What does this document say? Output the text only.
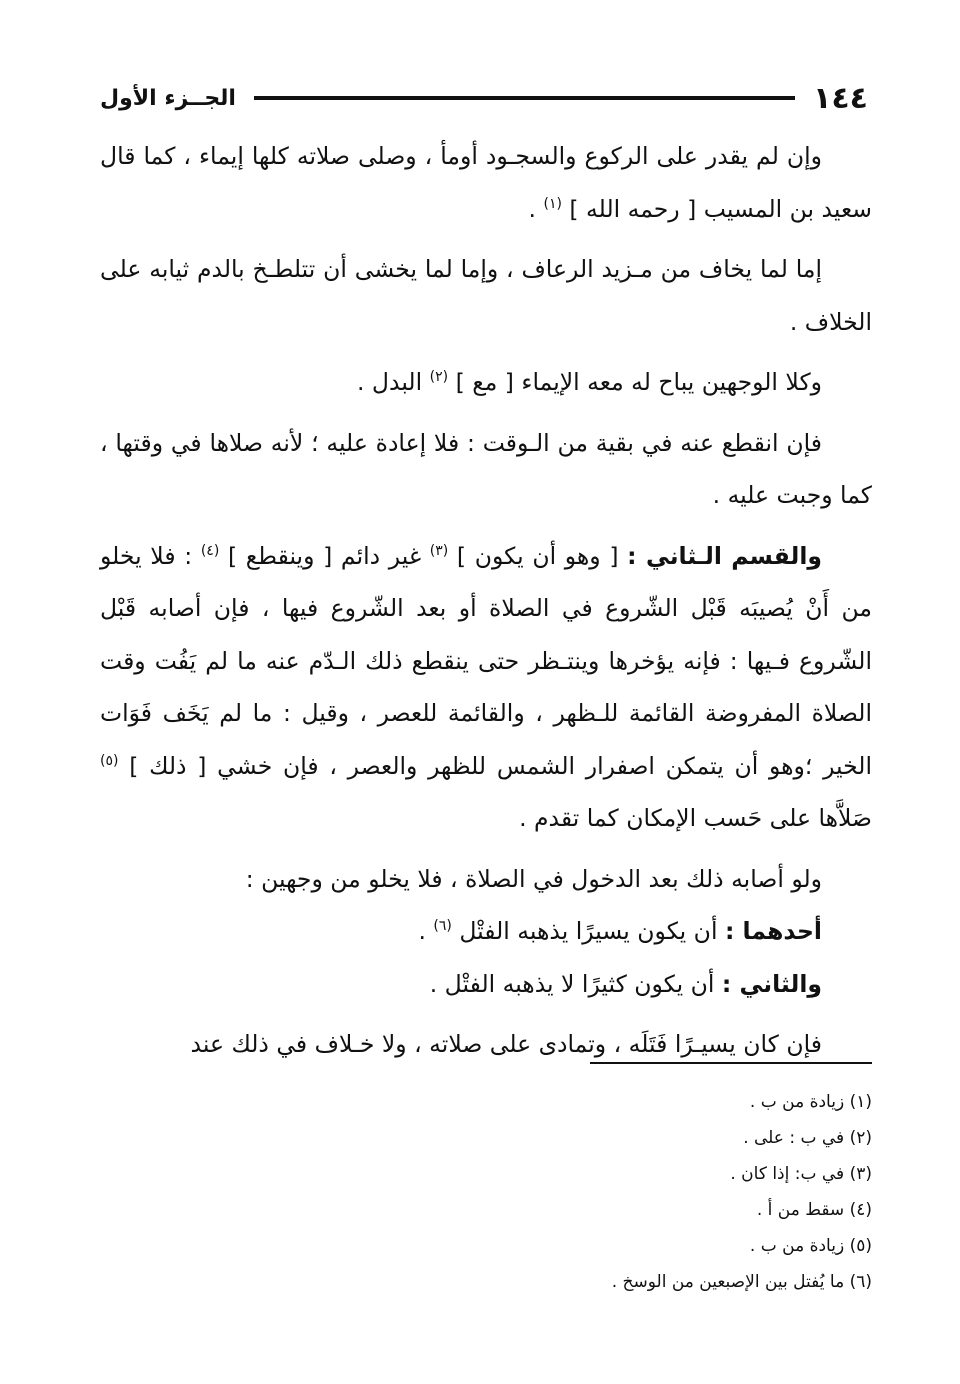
١٤٤
الجــزء الأول

وإن لم يقدر على الركوع والسجـود أومأ ، وصلى صلاته كلها إيماء ، كما قال سعيد بن المسيب [ رحمه الله ] $^{(١)}$ .

إما لما يخاف من مـزيد الرعاف ، وإما لما يخشى أن تتلطـخ بالدم ثيابه على الخلاف .

وكلا الوجهين يباح له معه الإيماء [ مع ] $^{(٢)}$ البدل .

فإن انقطع عنه في بقية من الـوقت : فلا إعادة عليه ؛ لأنه صلاها في وقتها ، كما وجبت عليه .

والقسم الـثاني : [ وهو أن يكون ] $^{(٣)}$ غير دائم [ وينقطع ] $^{(٤)}$ : فلا يخلو من أَنْ يُصيبَه قَبْل الشّروع في الصلاة أو بعد الشّروع فيها ، فإن أصابه قَبْل الشّروع فـيها : فإنه يؤخرها وينتـظر حتى ينقطع ذلك الـدّم عنه ما لم يَفُت وقت الصلاة المفروضة القائمة للـظهر ، والقائمة للعصر ، وقيل : ما لم يَخَف فَوَات الخير ؛وهو أن يتمكن اصفرار الشمس للظهر والعصر ، فإن خشي [ ذلك ] $^{(٥)}$ صَلاَّها على حَسب الإمكان كما تقدم .

ولو أصابه ذلك بعد الدخول في الصلاة ، فلا يخلو من وجهين :

أحدهما : أن يكون يسيرًا يذهبه الفتْل $^{(٦)}$ .

والثاني : أن يكون كثيرًا لا يذهبه الفتْل .

فإن كان يسيـرًا فَتَلَه ، وتمادى على صلاته ، ولا خـلاف في ذلك عند

(١) زيادة من ب .
(٢) في ب : على .
(٣) في ب: إذا كان .
(٤) سقط من أ .
(٥) زيادة من ب .
(٦) ما يُفتل بين الإصبعين من الوسخ .
